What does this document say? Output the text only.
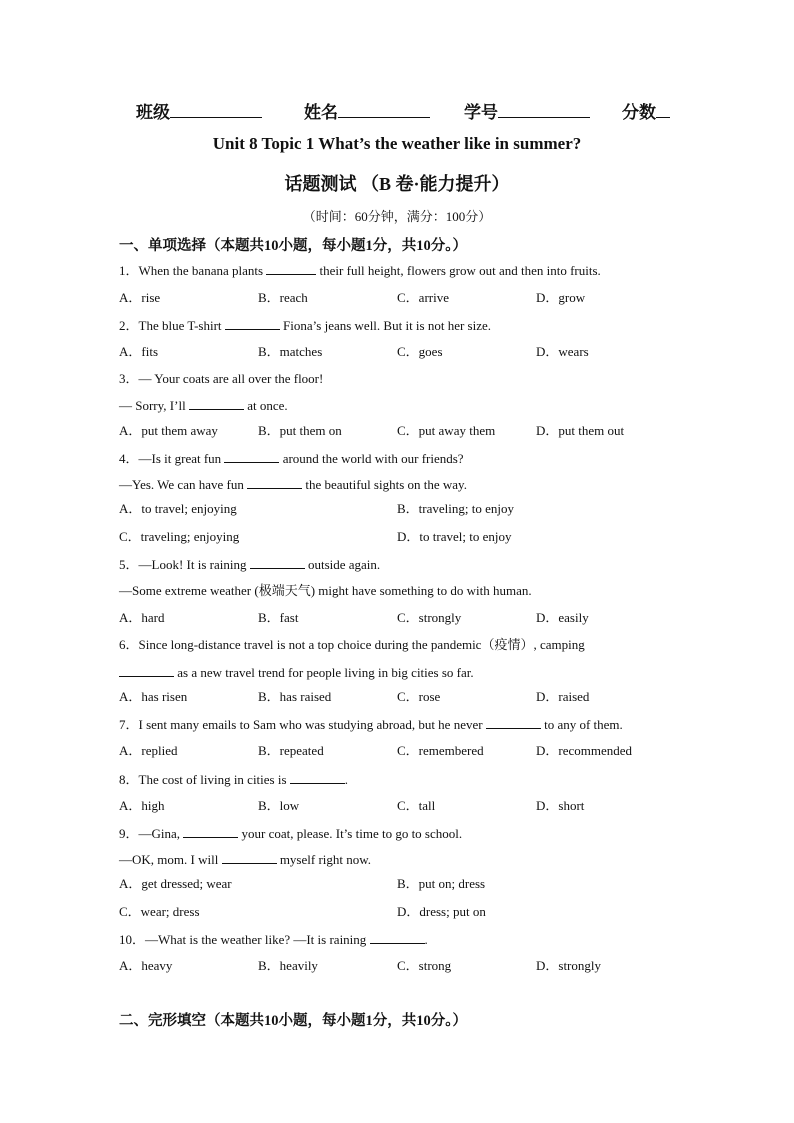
班级	姓名	学号	分数
Unit 8 Topic 1 What’s the weather like in summer?
话题测试 （B 卷·能力提升）
（时间：60分钟，满分：100分）
一、单项选择（本题共10小题，每小题1分，共10分。）
1．When the banana plants	their full height, flowers grow out and then into fruits.
A．rise	B．reach	C．arrive	D．grow
2．The blue T-shirt	Fiona’s jeans well. But it is not her size.
A．fits	B．matches	C．goes	D．wears
3．— Your coats are all over the floor!
— Sorry, I’ll	at once.
A．put them away	B．put them on	C．put away them	D．put them out
4．—Is it great fun	around the world with our friends?
—Yes. We can have fun	the beautiful sights on the way.
A．to travel; enjoying	B．traveling; to enjoy
C．traveling; enjoying	D．to travel; to enjoy
5．—Look! It is raining	outside again.
—Some extreme weather (极端天气) might have something to do with human.
A．hard	B．fast	C．strongly	D．easily
6．Since long-distance travel is not a top choice during the pandemic（疫情）, camping
as a new travel trend for people living in big cities so far.
A．has risen	B．has raised	C．rose	D．raised
7．I sent many emails to Sam who was studying abroad, but he never	to any of them.
A．replied	B．repeated	C．remembered	D．recommended
8．The cost of living in cities is	.
A．high	B．low	C．tall	D．short
9．—Gina,	your coat, please. It’s time to go to school.
—OK, mom. I will	myself right now.
A．get dressed; wear	B．put on; dress
C．wear; dress	D．dress; put on
10．—What is the weather like? —It is raining	.
A．heavy	B．heavily	C．strong	D．strongly
二、完形填空（本题共10小题，每小题1分，共10分。）
